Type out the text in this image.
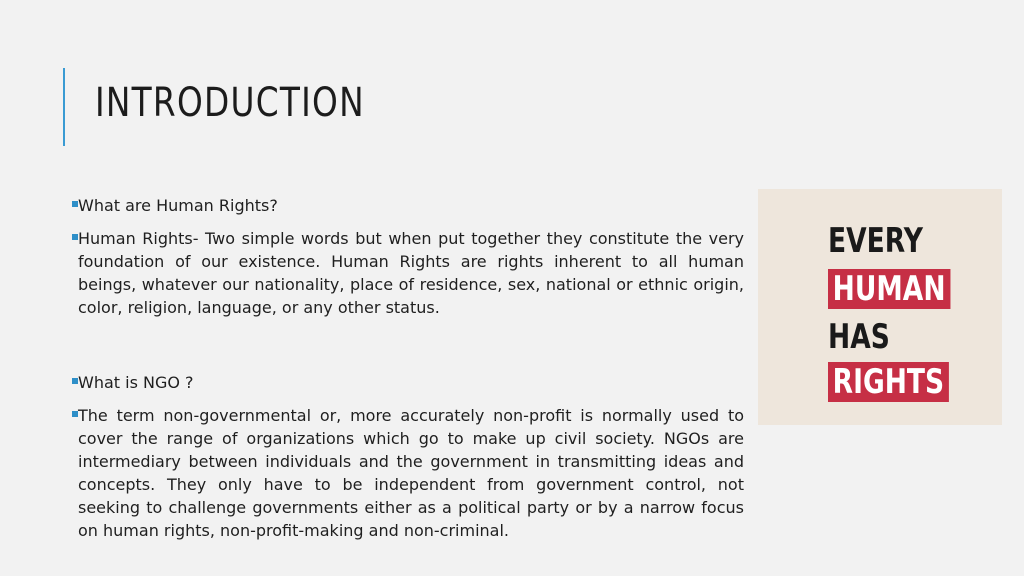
INTRODUCTION
What are Human Rights?
Human Rights- Two simple words but when put together they constitute the very foundation of our existence. Human Rights are rights inherent to all human beings, whatever our nationality, place of residence, sex, national or ethnic origin, color, religion, language, or any other status.
What is NGO ?
The term non-governmental or, more accurately non-profit is normally used to cover the range of organizations which go to make up civil society. NGOs are intermediary between individuals and the government in transmitting ideas and concepts. They only have to be independent from government control, not seeking to challenge governments either as a political party or by a narrow focus on human rights, non-profit-making and non-criminal.
EVERY
HUMAN
HAS
RIGHTS
